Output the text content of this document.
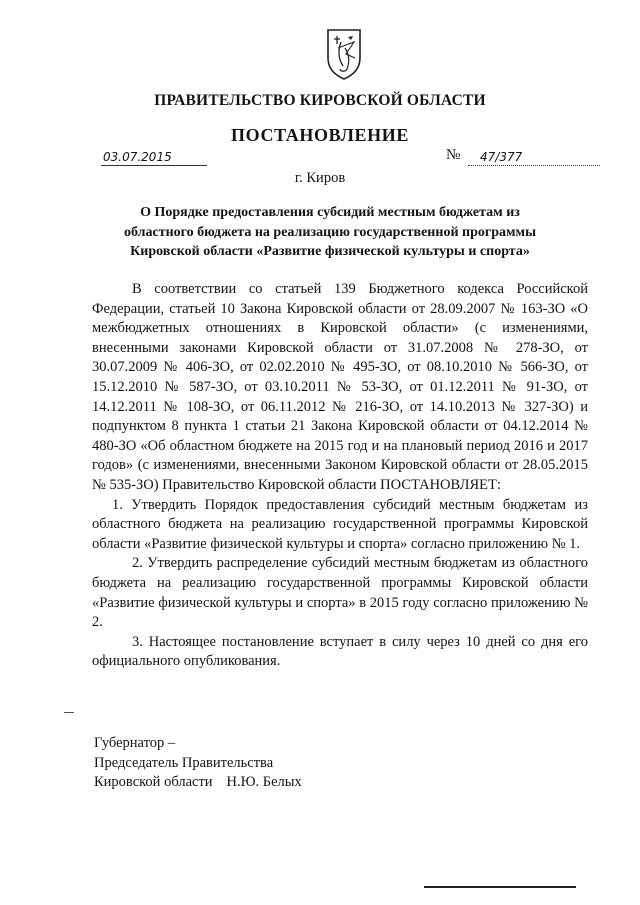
ПРАВИТЕЛЬСТВО КИРОВСКОЙ ОБЛАСТИ
ПОСТАНОВЛЕНИЕ
03.07.2015	№	47/377
г. Киров
О Порядке предоставления субсидий местным бюджетам из областного бюджета на реализацию государственной программы Кировской области «Развитие физической культуры и спорта»

В соответствии со статьей 139 Бюджетного кодекса Российской Федерации, статьей 10 Закона Кировской области от 28.09.2007 № 163-ЗО «О межбюджетных отношениях в Кировской области» (с изменениями, внесенными законами Кировской области от 31.07.2008 № 278-ЗО, от 30.07.2009 № 406-ЗО, от 02.02.2010 № 495-ЗО, от 08.10.2010 № 566-ЗО, от 15.12.2010 № 587-ЗО, от 03.10.2011 № 53-ЗО, от 01.12.2011 № 91-ЗО, от 14.12.2011 № 108-ЗО, от 06.11.2012 № 216-ЗО, от 14.10.2013 № 327-ЗО) и подпунктом 8 пункта 1 статьи 21 Закона Кировской области от 04.12.2014 № 480-ЗО «Об областном бюджете на 2015 год и на плановый период 2016 и 2017 годов» (с изменениями, внесенными Законом Кировской области от 28.05.2015 № 535-ЗО) Правительство Кировской области ПОСТАНОВЛЯЕТ:

1. Утвердить Порядок предоставления субсидий местным бюджетам из областного бюджета на реализацию государственной программы Кировской области «Развитие физической культуры и спорта» согласно приложению № 1.

2. Утвердить распределение субсидий местным бюджетам из областного бюджета на реализацию государственной программы Кировской области «Развитие физической культуры и спорта» в 2015 году согласно приложению № 2.

3. Настоящее постановление вступает в силу через 10 дней со дня его официального опубликования.

Губернатор –
Председатель Правительства
Кировской области Н.Ю. Белых
